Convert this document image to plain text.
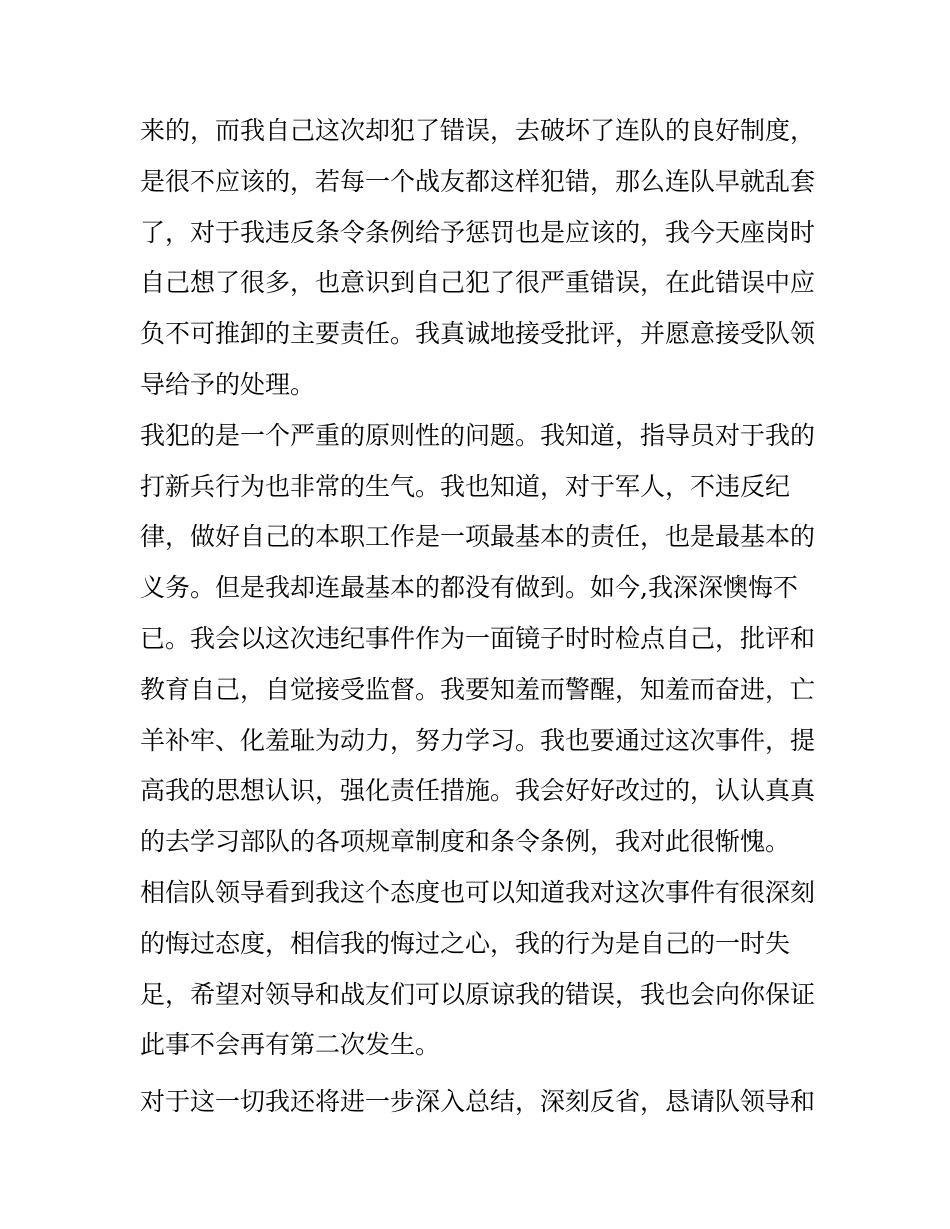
来的，而我自己这次却犯了错误，去破坏了连队的良好制度，
是很不应该的，若每一个战友都这样犯错，那么连队早就乱套
了，对于我违反条令条例给予惩罚也是应该的，我今天座岗时
自己想了很多，也意识到自己犯了很严重错误，在此错误中应
负不可推卸的主要责任。我真诚地接受批评，并愿意接受队领
导给予的处理。
我犯的是一个严重的原则性的问题。我知道，指导员对于我的
打新兵行为也非常的生气。我也知道，对于军人，不违反纪
律，做好自己的本职工作是一项最基本的责任，也是最基本的
义务。但是我却连最基本的都没有做到。如今,我深深懊悔不
已。我会以这次违纪事件作为一面镜子时时检点自己，批评和
教育自己，自觉接受监督。我要知羞而警醒，知羞而奋进，亡
羊补牢、化羞耻为动力，努力学习。我也要通过这次事件，提
高我的思想认识，强化责任措施。我会好好改过的，认认真真
的去学习部队的各项规章制度和条令条例，我对此很惭愧。
相信队领导看到我这个态度也可以知道我对这次事件有很深刻
的悔过态度，相信我的悔过之心，我的行为是自己的一时失
足，希望对领导和战友们可以原谅我的错误，我也会向你保证
此事不会再有第二次发生。
对于这一切我还将进一步深入总结，深刻反省，恳请队领导和
